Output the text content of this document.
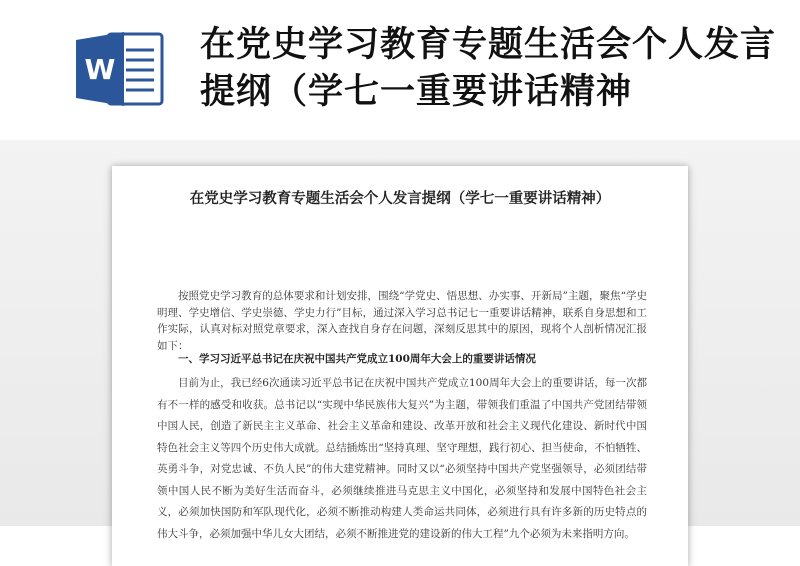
W
在党史学习教育专题生活会个人发言提纲（学七一重要讲话精神
在党史学习教育专题生活会个人发言提纲（学七一重要讲话精神）

按照党史学习教育的总体要求和计划安排，围绕“学党史、悟思想、办实事、开新局”主题，聚焦“学史明理、学史增信、学史崇德、学史力行”目标，通过深入学习总书记七一重要讲话精神，联系自身思想和工作实际，认真对标对照党章要求，深入查找自身存在问题，深刻反思其中的原因，现将个人剖析情况汇报如下：

一、学习习近平总书记在庆祝中国共产党成立100周年大会上的重要讲话情况

目前为止，我已经6次通读习近平总书记在庆祝中国共产党成立100周年大会上的重要讲话，每一次都有不一样的感受和收获。总书记以“实现中华民族伟大复兴”为主题，带领我们重温了中国共产党团结带领中国人民，创造了新民主主义革命、社会主义革命和建设、改革开放和社会主义现代化建设、新时代中国特色社会主义等四个历史伟大成就。总结插炼出“坚持真理、坚守理想，践行初心、担当使命，不怕牺牲、英勇斗争，对党忠诚、不负人民”的伟大建党精神。同时又以“必须坚持中国共产党坚强领导，必须团结带领中国人民不断为美好生活而奋斗，必须继续推进马克思主义中国化，必须坚持和发展中国特色社会主义，必须加快国防和军队现代化，必须不断推动构建人类命运共同体，必须进行具有许多新的历史特点的伟大斗争，必须加强中华儿女大团结，必须不断推进党的建设新的伟大工程”九个必须为未来指明方向。
